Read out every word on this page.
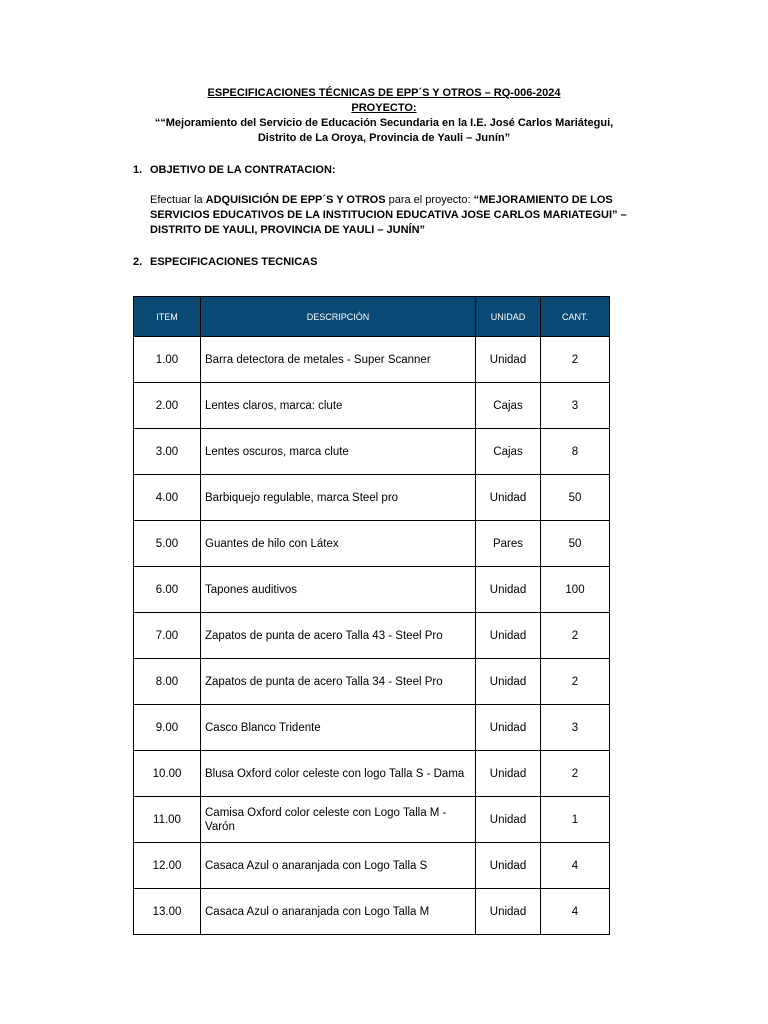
ESPECIFICACIONES TÉCNICAS DE EPP´S Y OTROS – RQ-006-2024
PROYECTO:
““Mejoramiento del Servicio de Educación Secundaria en la I.E. José Carlos Mariátegui,
Distrito de La Oroya, Provincia de Yauli – Junín”
1. OBJETIVO DE LA CONTRATACION:
Efectuar la ADQUISICIÓN DE EPP´S Y OTROS para el proyecto: “MEJORAMIENTO DE LOS SERVICIOS EDUCATIVOS DE LA INSTITUCION EDUCATIVA JOSE CARLOS MARIATEGUI” – DISTRITO DE YAULI, PROVINCIA DE YAULI – JUNÍN”
2. ESPECIFICACIONES TECNICAS
ITEM	DESCRIPCIÓN	UNIDAD	CANT.
1.00	Barra detectora de metales - Super Scanner	Unidad	2
2.00	Lentes claros, marca: clute	Cajas	3
3.00	Lentes oscuros, marca clute	Cajas	8
4.00	Barbiquejo regulable, marca Steel pro	Unidad	50
5.00	Guantes de hilo con Látex	Pares	50
6.00	Tapones auditivos	Unidad	100
7.00	Zapatos de punta de acero Talla 43 - Steel Pro	Unidad	2
8.00	Zapatos de punta de acero Talla 34 - Steel Pro	Unidad	2
9.00	Casco Blanco Tridente	Unidad	3
10.00	Blusa Oxford color celeste con logo Talla S - Dama	Unidad	2
11.00	Camisa Oxford color celeste con Logo Talla M - Varón	Unidad	1
12.00	Casaca Azul o anaranjada con Logo Talla S	Unidad	4
13.00	Casaca Azul o anaranjada con Logo Talla M	Unidad	4
